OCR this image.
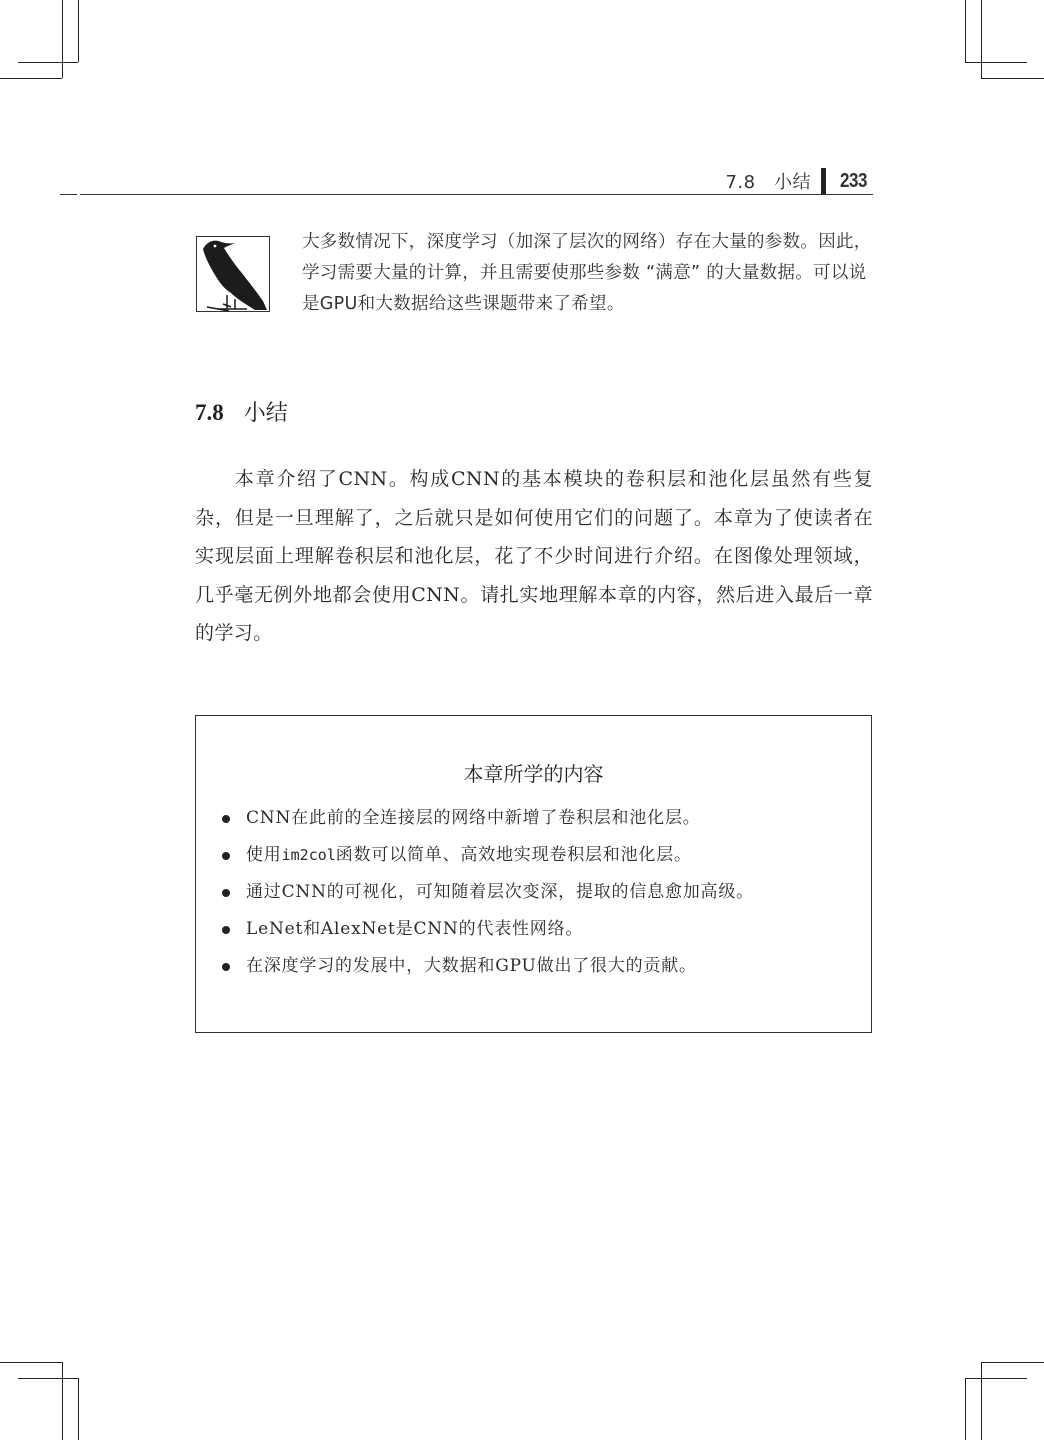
7.8　小结 233
大多数情况下，深度学习（加深了层次的网络）存在大量的参数。因此，学习需要大量的计算，并且需要使那些参数 “满意” 的大量数据。可以说是GPU和大数据给这些课题带来了希望。
7.8 小结
本章介绍了CNN。构成CNN的基本模块的卷积层和池化层虽然有些复杂，但是一旦理解了，之后就只是如何使用它们的问题了。本章为了使读者在实现层面上理解卷积层和池化层，花了不少时间进行介绍。在图像处理领域，几乎毫无例外地都会使用CNN。请扎实地理解本章的内容，然后进入最后一章的学习。
本章所学的内容
CNN在此前的全连接层的网络中新增了卷积层和池化层。
使用im2col函数可以简单、高效地实现卷积层和池化层。
通过CNN的可视化，可知随着层次变深，提取的信息愈加高级。
LeNet和AlexNet是CNN的代表性网络。
在深度学习的发展中，大数据和GPU做出了很大的贡献。
